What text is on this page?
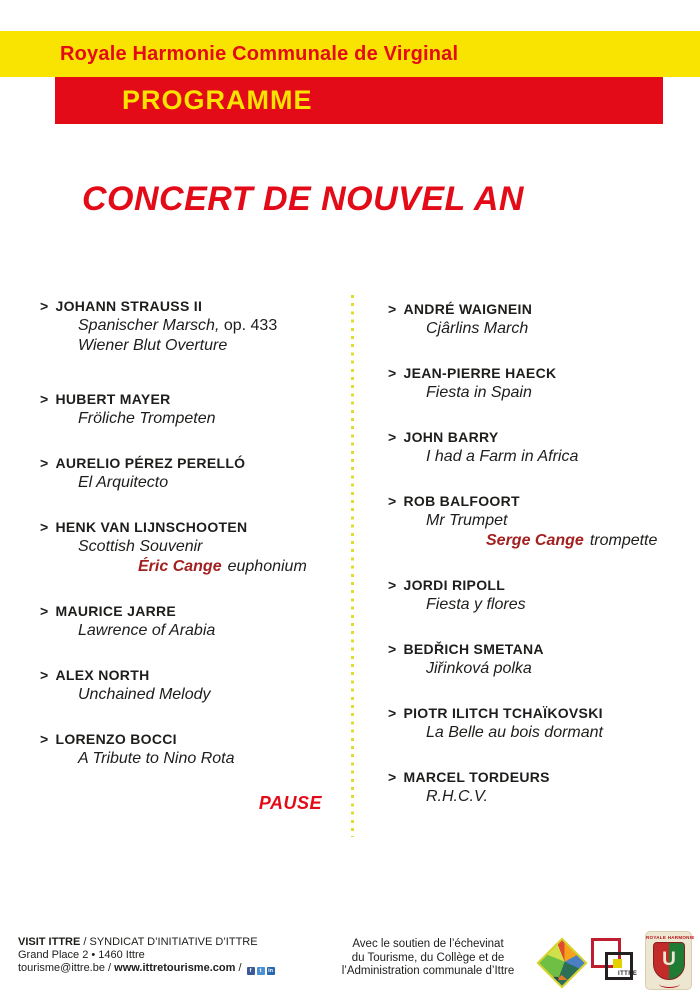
Royale Harmonie Communale de Virginal
PROGRAMME
CONCERT DE NOUVEL AN
> JOHANN STRAUSS II
Spanischer Marsch, op. 433
Wiener Blut Overture
> HUBERT MAYER
Fröliche Trompeten
> AURELIO PÉREZ PERELLÓ
El Arquitecto
> HENK VAN LIJNSCHOOTEN
Scottish Souvenir
Éric Cange euphonium
> MAURICE JARRE
Lawrence of Arabia
> ALEX NORTH
Unchained Melody
> LORENZO BOCCI
A Tribute to Nino Rota
PAUSE
> ANDRÉ WAIGNEIN
Cjârlins March
> JEAN-PIERRE HAECK
Fiesta in Spain
> JOHN BARRY
I had a Farm in Africa
> ROB BALFOORT
Mr Trumpet
Serge Cange trompette
> JORDI RIPOLL
Fiesta y flores
> BEDŘICH SMETANA
Jiřinková polka
> PIOTR ILITCH TCHAÏKOVSKI
La Belle au bois dormant
> MARCEL TORDEURS
R.H.C.V.
VISIT ITTRE / SYNDICAT D’INITIATIVE D’ITTRE
Grand Place 2 • 1460 Ittre
tourisme@ittre.be / www.ittretourisme.com / f t in
Avec le soutien de l’échevinat
du Tourisme, du Collège et de
l’Administration communale d’Ittre	ITTRE
ROYALE HARMONIE
U
